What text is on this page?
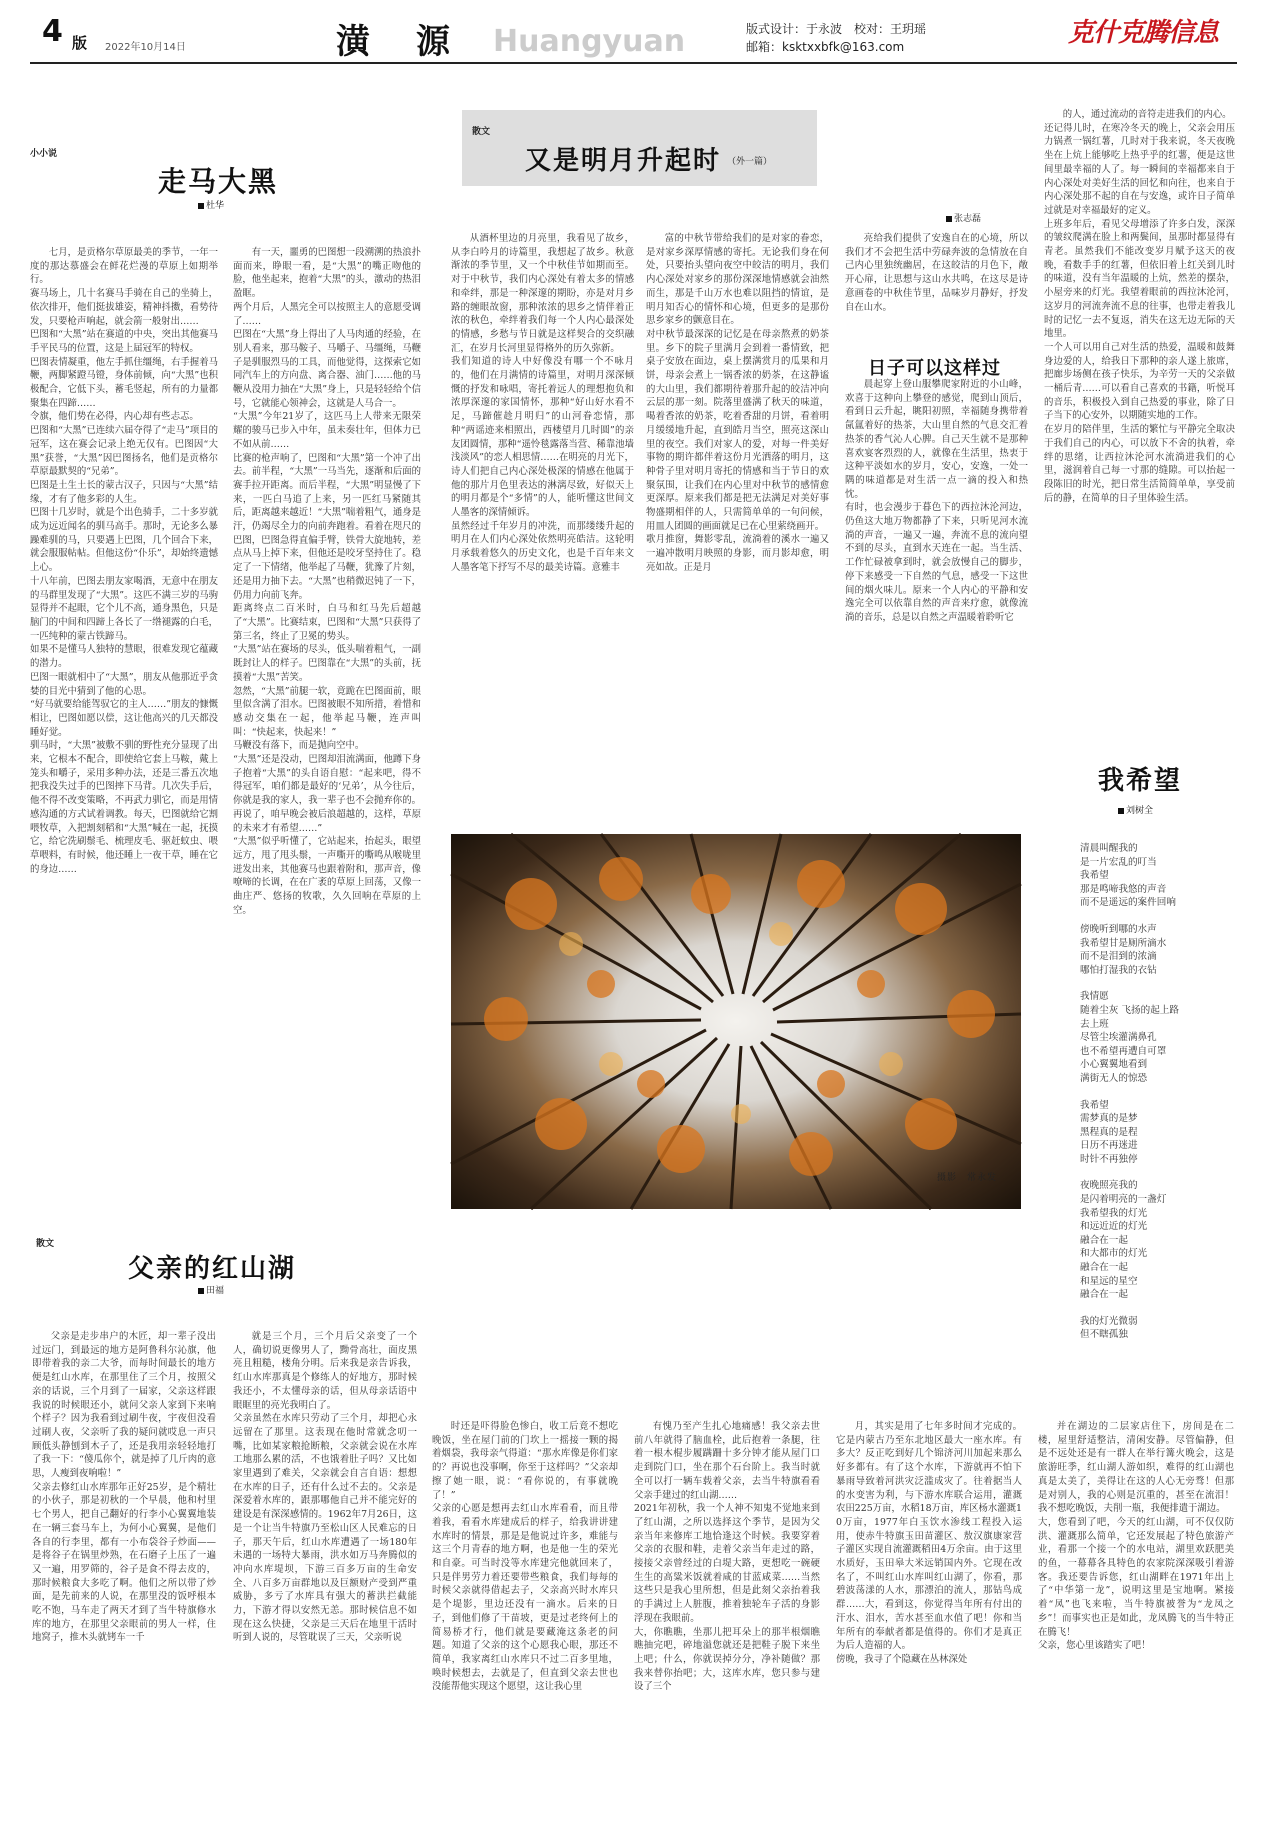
4 版 2022年10月14日	潢　源 Huangyuan	版式设计：于永波　校对：王玥瑶
邮箱：ksktxxbfk@163.com	克什克腾信息
小小说
走马大黑
杜华
七月，是贡格尔草原最美的季节，一年一度的那达慕盛会在鲜花烂漫的草原上如期举行。
赛马场上，几十名赛马手骑在自己的坐骑上，依次排开，他们挺拔雄姿，精神抖擞，看势待发，只要枪声响起，就会箭一般射出……
巴图和“大黑”站在赛道的中央，突出其他赛马手平民马的位置，这是上届冠军的特权。
巴图表情凝重，他左手抓住缰绳，右手握着马鞭，两脚紧蹬马镫，身体前倾，向“大黑”也积极配合，它低下头，蓄毛竖起，所有的力量都聚集在四蹄……
令旗，他们势在必得，内心却有些忐忑。
巴图和“大黑”已连续六届夺得了“走马”项目的冠军，这在赛会记录上绝无仅有。巴图因“大黑”获誉，“大黑”因巴图扬名，他们是贡格尔草原最默契的“兄弟”。
巴图是土生土长的蒙古汉子，只因与“大黑”结缘，才有了他多彩的人生。
巴图十几岁时，就是个出色骑手，二十多岁就成为远近闻名的驯马高手。那时，无论多么暴躁难驯的马，只要遇上巴图，几个回合下来，就会服服帖帖。但他这份“仆乐”，却始终遗憾上心。
十八年前，巴图去朋友家喝酒，无意中在朋友的马群里发现了“大黑”。这匹不满三岁的马驹显得并不起眼，它个儿不高，通身黑色，只是脑门的中间和四蹄上各长了一绺褪露的白毛，一匹纯种的蒙古铁蹄马。
如果不是懂马人独特的慧眼，很难发现它蕴藏的潜力。
巴图一眼就相中了“大黑”，朋友从他那近乎贪婪的目光中猜到了他的心思。
“好马就要给能驾驭它的主人……”朋友的慷慨相让，巴图如愿以偿，这让他高兴的几天都没睡好觉。
驯马时，“大黑”被敷不驯的野性充分显现了出来，它根本不配合，即使给它套上马鞍，戴上笼头和嚼子，采用多种办法，还是三番五次地把我没失过手的巴图摔下马背。几次失手后，他不得不改变策略，不再武力驯它，而是用情感沟通的方式试着调教。每天，巴图就给它割喂牧草，入把割刻稻和“大黑”喊在一起，抚摸它，给它洗刷鬃毛、梳理皮毛、驱赶蚊虫、喂草喂料，有时候，他还睡上一夜干草，睡在它的身边……
有一天，噩勇的巴图想一段溯溯的热浪扑面而来，睁眼一看，是“大黑”的嘴正吻他的脸，他坐起来，抱着“大黑”的头，激动的热泪盈眶。
两个月后，人黑完全可以按照主人的意愿受调了……
巴图在“大黑”身上得出了人马肉通的经验，在别人看来，那马鞍子、马嚼子、马缰绳，马鞭子是驯服烈马的工具，而他觉得，这探索它如同汽车上的方向盘、离合器、油门……他的马鞭从没用力抽在“大黑”身上，只是轻轻给个信号，它就能心领神会，这就是人马合一。
“大黑”今年21岁了，这匹马上人带来无限荣耀的骏马已步入中年，虽未奏壮年，但体力已不如从前……
比赛的枪声响了，巴图和“大黑”第一个冲了出去。前半程，“大黑”一马当先，逐渐和后面的赛手拉开距离。而后半程，“大黑”明显慢了下来，一匹白马追了上来，另一匹红马紧随其后，距离越来越近！“大黑”喘着粗气，通身是汗，仍竭尽全力的向前奔跑着。看着在咫尺的巴图，巴图急得直偏手臂，铁骨大旋地转，差点从马上掉下来，但他还是咬牙坚持住了。稳定了一下情绪，他举起了马鞭，犹豫了片刻，还是用力抽下去。“大黑”也稍微迟钝了一下，仍用力向前飞奔。
距离终点二百米时，白马和红马先后超越了“大黑”。比赛结束，巴图和“大黑”只获得了第三名，终止了卫冕的势头。
“大黑”站在赛场的尽头，低头喘着粗气，一副既封让人的样子。巴图靠在“大黑”的头前，抚摸着“大黑”苦笑。
忽然，“大黑”前腿一软，竟跪在巴图面前，眼里似含满了泪水。巴图被眼不知所措，着惜和感动交集在一起，他举起马鞭，连声叫叫：“快起来，快起来！”
马鞭没有落下，而是抛向空中。
“大黑”还是没动，巴图却泪流满面，他蹲下身子抱着“大黑”的头自语自慰：“起来吧，得不得冠军，咱们都是最好的‘兄弟’，从今往后，你就是我的家人，我一辈子也不会抛弃你的。再说了，咱早晚会被后浪超越的，这样，草原的未来才有希望……”
“大黑”似乎听懂了，它站起来，抬起头，眼望远方，甩了甩头鬃，一声嘶开的嘶鸣从喉咙里迸发出来，其他赛马也跟着附和，那声音，像嘹啼的长调，在在广袤的草原上回荡，又像一曲庄严、悠扬的牧歌，久久回响在草原的上空。
散文
又是明月升起时 （外一篇）
张志磊
从酒杯里边的月亮里，我看见了故乡，从李白吟月的诗篇里，我想起了故乡。秋意渐浓的季节里，又一个中秋佳节如期而至。对于中秋节，我们内心深处有着太多的情感和牵绊，那是一种深邃的期盼，亦是对月乡路的缠眼故窗，那种浓浓的思乡之情伴着正浓的秋色，牵绊着我们每一个人内心最深处的情感，乡愁与节日就是这样契合的交织融汇，在岁月长河里显得格外的历久弥新。
我们知道的诗人中好像没有哪一个不咏月的，他们在月满情的诗篇里，对明月深深倾慨的抒发和咏唱，寄托着远人的理想抱负和浓厚深邃的家国情怀，那种“好山好水看不足，马蹄催趁月明归”的山河眷恋情，那种“两谣迹来相照出，西楼望月几时圆”的亲友团圆情，那种“遥怜毯露落当营、稀靠池墙浅淡风”的恋人相思情……在明亮的月光下，诗人们把自己内心深处极深的情感在他属于他的那片月色里表达的淋漓尽致，好似天上的明月都是个“多情”的人，能听懂这世间文人墨客的深情倾诉。
虽然经过千年岁月的冲洗，而那缕缕升起的明月在人们内心深处依然明亮皓洁。这轮明月承载着悠久的历史文化，也是千百年来文人墨客笔下抒写不尽的最美诗篇。意雅丰
富的中秋节带给我们的是对家的眷恋，是对家乡深厚情感的寄托。无论我们身在何处，只要抬头望向夜空中皎洁的明月，我们内心深处对家乡的那份深深地情感就会油然而生，那是千山万水也难以阻挡的情谊，是明月知否心的情怀和心境，但更多的是那份思乡家乡的颤意目在。
对中秋节最深深的记忆是在母亲熬煮的奶茶里。乡下的院子里满月会到着一番情致，把桌子安放在面边，桌上摆满赏月的瓜果和月饼，母亲会煮上一锅香浓的奶茶，在这静谧的大山里，我们都期待着那升起的皎洁冲向云层的那一刻。院落里盛满了秋天的味道，喝着香浓的奶茶，吃着香甜的月饼，看着明月缓缓地升起，直到皓月当空，照亮这深山里的夜空。我们对家人的爱，对每一件美好事物的期许都伴着这份月光洒落的明月，这种骨子里对明月寄托的情感和当于节日的欢聚氛围，让我们在内心里对中秋节的感情愈更深厚。原来我们都是把无法满足对美好事物盛期相伴的人，只需简单单的一句问候，用皿人团圆的画面就足已在心里萦绕画开。
歌月推窗，舞影零乱，流淌着的溪水一遍又一遍冲散明月映照的身影，而月影却愈，明亮如故。正是月
亮给我们提供了安逸自在的心境，所以我们才不会把生活中劳碌奔波的急情放在自己内心里独统幽居，在这皎洁的月色下，敞开心扉，让思想与这山水共鸣，在这尽是诗意画卷的中秋佳节里，品味岁月静好，抒发自在山水。
日子可以这样过
晨起穿上登山服攀爬家附近的小山峰，欢喜于这种向上攀登的感觉，爬到山顶后，看到日云升起，眺阳初照，幸福随身携带着氤氲着好的热茶，大山里自然的气息交汇着热茶的香气沁人心脾。自己天生就不是那种喜欢宴客烈烈的人，就像在生活里，热衷于这种平淡如水的岁月，安心，安逸，一处一隅的味道都是对生活一点一滴的投入和热忱。
有时，也会漫步于暮色下的西拉沐沦河边，仍鱼这大地万物都静了下来，只听见河水流淌的声音，一遍又一遍，奔流不息的流向望不到的尽头，直到水天连在一起。当生活、工作忙碌被拿到时，就会放慢自己的脚步，停下来感受一下自然的气息，感受一下这世间的烟火味儿。原来一个人内心的平静和安逸完全可以依靠自然的声音来疗愈，就像流淌的音乐，总是以自然之声温暖着聆听它
的人，通过流动的音符走进我们的内心。
还记得儿时，在寒冷冬天的晚上，父亲会用压力锅煮一锅红薯，几时对于我来说，冬天夜晚坐在上炕上能够吃上热乎乎的红薯，便是这世间里最幸福的人了。每一瞬间的幸福都来自于内心深处对美好生活的回忆和向往，也来自于内心深处那不起的自在与安逸，或许日子简单过就是对幸福最好的定义。
上班多年后，看见父母增添了许多白发，深深的皱纹爬满在脸上和两鬓间，虽那时都显得有青老。虽然我们不能改变岁月赋予这天的夜晚，看数手手的红薯，但依旧着上红关到儿时的味道，没有当年温暖的上炕，然差的摆杂，小屋旁来的灯光。我望着眼前的西拉沐沦河，这岁月的河流奔流不息的往事，也带走着我儿时的记忆一去不复返，消失在这无边无际的天地里。
一个人可以用自己对生活的热爱，温暖和鼓舞身边爱的人，给我日下那种的亲人遂上旅席，把廊步场侧在孩子快乐，为辛劳一天的父亲做一桶后青……可以看自己喜欢的书籍，听悦耳的音乐，积极投入到自己热爱的事业，除了日子当下的心安外，以期随实地的工作。
在岁月的陪伴里，生活的繁忙与平静完全取决于我们自己的内心，可以放下不舍的执着，牵绊的思绪，让西拉沐沦河水流淌进我们的心里，滋润着自己每一寸那的缝隙。可以抬起一段陈旧的时光，把日常生活简简单单，享受前后的静，在简单的日子里体验生活。
摄影　常永发
我希望
刘树全
清晨叫醒我的
是一片宏乱的叮当
我希望
那是鸣啼我悠的声音
而不是遥远的案件回响
傍晚听到哪的水声
我希望甘是厕所滴水
而不是泪到的浓滴
哪怕打湿我的衣钻
我情愿
随着尘灰 飞扬的起上路
去上班
尽管尘埃灌满鼻孔
也不希望再遭自可罩
小心翼翼地看到
满街无人的惊恐
我希望
需梦真的是梦
黑程真的是程
日历不再迷进
时针不再独停
夜晚照亮我的
是闪着明亮的一盏灯
我希望我的灯光
和远近近的灯光
融合在一起
和大都市的灯光
融合在一起
和星远的星空
融合在一起
我的灯光微弱
但不瞎孤独
散文
父亲的红山湖
田福
父亲是走步串户的木匠，却一辈子没出过远门，到最远的地方是阿鲁科尔沁旗，他即带着我的亲二大爷，而每时间最长的地方便是红山水库，在那里住了三个月，按照父亲的话说，三个月到了一届家，父亲这样跟我说的时候眼还小，就问父亲人家到下来响个样子？因为我看到过刷牛夜，宇夜但没看过刷人夜，父亲听了我的疑问就哎息一声只顾低头静刨到木子了，还是我用亲轻轻地打了我一下：“傻瓜你个，就是掉了几斤肉的意思，人瘦到夜响啦！”
父亲去修红山水库那年正好25岁，是个精壮的小伙子，那是初秋的一个早晨，他和村里七个男人，把自己翻好的行李小心翼翼地装在一辆三套马车上，为何小心翼翼，是他们各自的行李里，都有一小布袋谷子炒面——是将谷子在锅里炒熟，在石磨子上压了一遍又一遍，用罗筛的，谷子是食不得去皮的，那时候粮食大多吃了啊。他们之所以带了炒面，是先前来的人说，在那里没的饭呼根本吃不饱，马车走了两天才到了当牛特旗修水库的地方，在那里父亲眼前的男人一样，住地窝子，推木头就铐车一千
就是三个月，三个月后父亲变了一个人，确切说更像男人了，黝骨高壮，面皮黑亮且粗糙，楼角分明。后来我是亲告诉我，红山水库那真是个修练人的好地方，那时候我还小，不太懂母亲的话，但从母亲话语中眼眶里的亮光我明白了。
父亲虽然在水库只劳动了三个月，却把心永远留在了那里。这表现在他时常就念叨一嘴，比如某家粮抢断粮，父亲就会说在水库工地那么累的活，不也饿着肚子吗？又比如家里遇到了难关，父亲就会自言自语：想想在水库的日子，还有什么过不去的。父亲是深爱着水库的，跟那哪他自己并不能完好的建设是有深深感情的。1962年7月26日，这是一个让当牛特旗乃至松山区人民难忘的日子，那天午后，红山水库遭遇了一场180年未遇的一场特大暴雨，洪水如万马奔腾似的冲向水库堤坝，下游三百多万亩的生命安全、八百多万亩群地以及巨额财产受到严重威胁，多亏了水库具有强大的蓄洪拦截能力，下游才得以安然无恙。那时候信息不如现在这么快捷，父亲是三天后在地里干活时听到人说的，尽管耽误了三天，父亲听说
时还是吓得脸色惨白，收工后竟不想吃晚饭，坐在屋门前的门坎上一摇接一颗的揭着烟袋，我母亲气得道：“那水库像是你们家的？再说也没事啊，你至于这样吗？”父亲却擦了她一眼，说：“看你说的，有事就晚了！”
父亲的心愿是想再去红山水库看看，而且带着我，看看水库建成后的样子，给我讲讲建水库时的情景，那是是他说过许多，难能与这三个月青春的地方啊，也是他一生的荣光和自豪。可当时没等水库建完他就回来了，只是伴男劳力着还要带些粮食，我们每每的时候父亲就得借起去子，父亲高兴时水库只是个堤影，里边还没有一滴水。后来的日子，到他们修了干苗坡，更是过老终何上的简易桥才行，他们就是要藏淹这条老的问题。知道了父亲的这个心愿我心眼，那还不简单，我家离红山水库只不过二百多里地，唤时候想去，去就是了，但直到父亲去世也没能帮他实现这个愿望，这让我心里
有愧乃至产生扎心地痛感！我父亲去世前八年就得了脑血栓，此后抱着一条腿，往着一根木棍步履蹒跚十多分钟才能从屋门口走到院门口，坐在那个石台阶上。我当时就全可以打一辆车载着父亲，去当牛特旗看看父亲手建过的红山湖……
2021年初秋，我一个人神不知鬼不觉地来到了红山湖，之所以选择这个季节，是因为父亲当年来修库工地恰逢这个时候。我要穿着父亲的衣服和鞋，走着父亲当年走过的路，接接父亲曾经过的白堤大路，更想吃一碗硬生生的高粱米饭就着咸的甘蓝咸菜……当然这些只是我心里所想，但是此刻父亲抬着我的手满过上人脏腹，推着独轮车子活的身影浮现在我眼前。
大，你瞧瞧，坐那儿把耳朵上的那半根烟瞧瞧抽完吧，碎地溢您就还是把鞋子脱下来坐上吧；什么，你就误掉分分，净补随做？那我来替你抬吧；大，这库水库，您只参与建设了三个
月，其实是用了七年多时间才完成的。它是内蒙古乃至东北地区最大一座水库。有多大？反正吃到好几个锦济河川加起来那么好多都有。有了这个水库，下游就再不怕下暴雨导致着河洪灾泛滥成灾了。往着据当人的水变害为利，与下游水库联合运用，灌溉农田225万亩，水稻18万亩，库区杨水灌溉10万亩，1977年白玉饮水渗线工程投入运用，使赤牛特旗玉田苗灌区、敖汉旗康家营子灌区实现自流灌溉稻田4万余亩。由于这里水质好，玉田皋大米远销国内外。它现在改名了，不叫红山水库叫红山湖了，你看，那碧波荡漾的人水，那漂泊的流人，那钻鸟成群……大，看到这，你觉得当年所有付出的汗水、泪水，苦水甚至血水值了吧！你和当年所有的奉献者都是值得的。你们才是真正为后人造福的人。
傍晚，我寻了个隐藏在丛林深处
并在湖边的二层家店住下，房间是在二楼，屋里舒适整洁，清闲安静。尽管偏静，但是不远处还是有一群人在举行篝火晚会，这是旅游旺季，红山湖人游如织，难得的红山湖也真是太美了，美得让在这的人心无旁骛！但那是对别人，我的心则是沉重的，甚至在流泪！我不想吃晚饭，夫削一瓶，我便排遣于湖边。
大，您看到了吧，今天的红山湖，可不仅仅防洪、灌溉那么简单，它还发展起了特色旅游产业，看那一个接一个的水电站，湖里欢跃肥美的鱼，一幕幕各具特色的农家院深深吸引着游客。我还要告诉您，红山湖畔在1971年出上了“中华第一龙”，说明这里是宝地啊。紧接着“凤”也飞来啦，当牛特旗被誉为“龙凤之乡”！而事实也正是如此，龙凤腾飞的当牛特正在腾飞！
父亲，您心里该踏实了吧！
